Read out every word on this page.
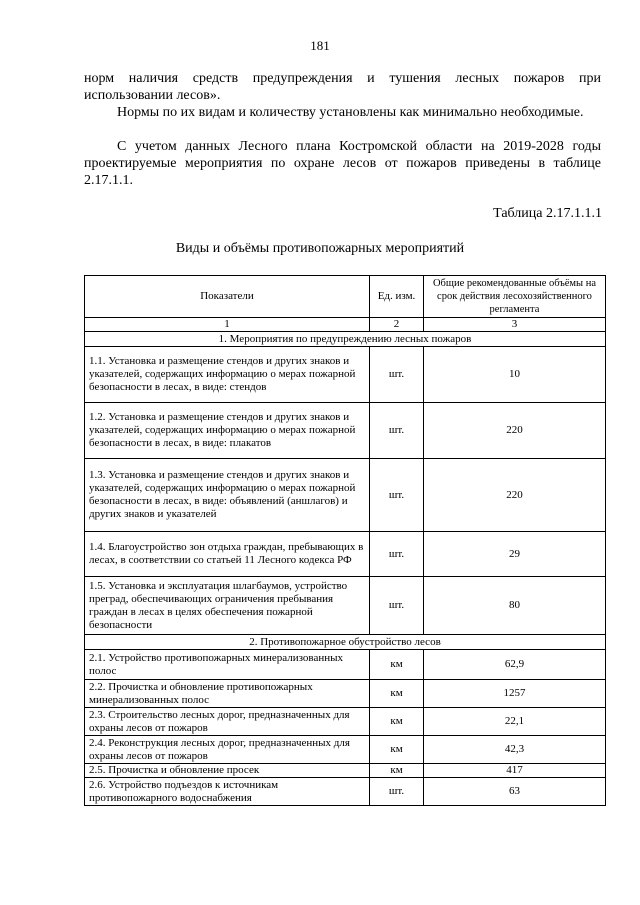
181
норм наличия средств предупреждения и тушения лесных пожаров при использовании лесов».
Нормы по их видам и количеству установлены как минимально необходимые.
С учетом данных Лесного плана Костромской области на 2019-2028 годы проектируемые мероприятия по охране лесов от пожаров приведены в таблице 2.17.1.1.
Таблица 2.17.1.1.1
Виды и объёмы противопожарных мероприятий
Показатели	Ед. изм.	Общие рекомендованные объёмы на срок действия лесохозяйственного регламента
1	2	3
1. Мероприятия по предупреждению лесных пожаров		
1.1. Установка и размещение стендов и других знаков и указателей, содержащих информацию о мерах пожарной безопасности в лесах, в виде: стендов	шт.	10
1.2. Установка и размещение стендов и других знаков и указателей, содержащих информацию о мерах пожарной безопасности в лесах, в виде: плакатов	шт.	220
1.3. Установка и размещение стендов и других знаков и указателей, содержащих информацию о мерах пожарной безопасности в лесах, в виде: объявлений (аншлагов) и других знаков и указателей	шт.	220
1.4. Благоустройство зон отдыха граждан, пребывающих в лесах, в соответствии со статьей 11 Лесного кодекса РФ	шт.	29
1.5. Установка и эксплуатация шлагбаумов, устройство преград, обеспечивающих ограничения пребывания граждан в лесах в целях обеспечения пожарной безопасности	шт.	80
2. Противопожарное обустройство лесов		
2.1. Устройство противопожарных минерализованных полос	км	62,9
2.2. Прочистка и обновление противопожарных минерализованных полос	км	1257
2.3. Строительство лесных дорог, предназначенных для охраны лесов от пожаров	км	22,1
2.4. Реконструкция лесных дорог, предназначенных для охраны лесов от пожаров	км	42,3
2.5. Прочистка и обновление просек	км	417
2.6. Устройство подъездов к источникам противопожарного водоснабжения	шт.	63
